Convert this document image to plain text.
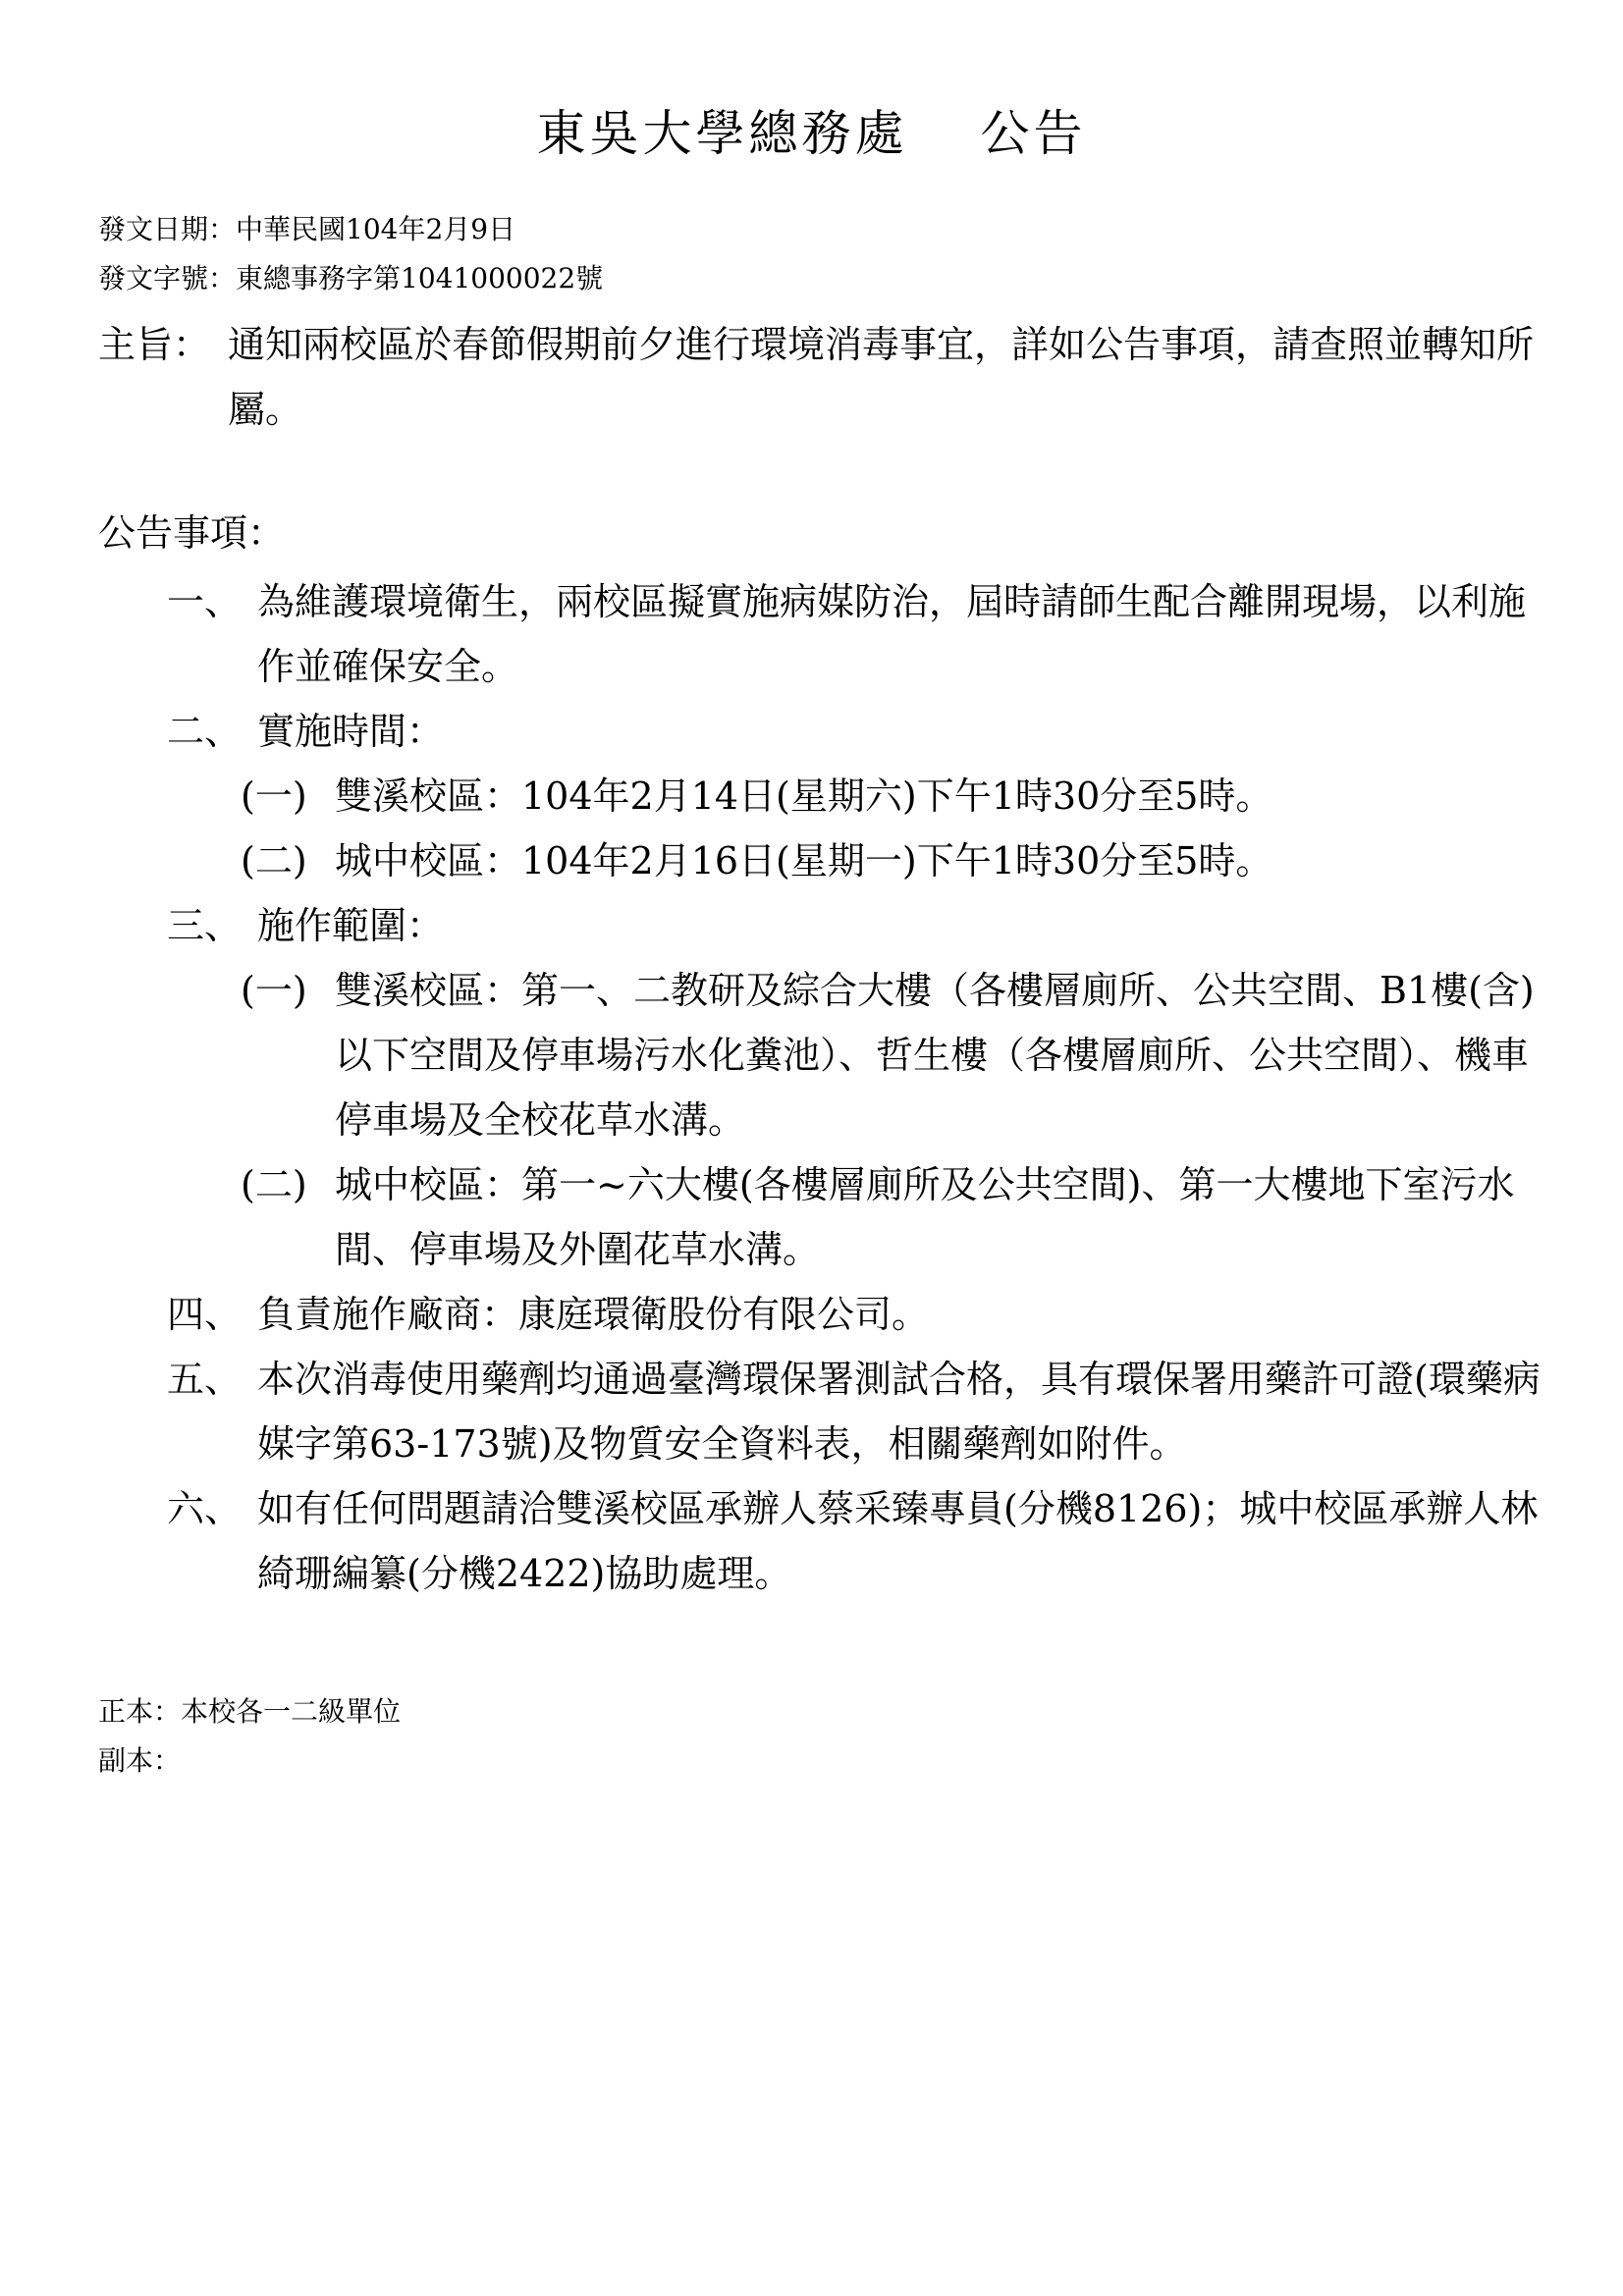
東吳大學總務處　 公告
發文日期：中華民國104年2月9日
發文字號：東總事務字第1041000022號
主旨： 通知兩校區於春節假期前夕進行環境消毒事宜，詳如公告事項，請查照並轉知所屬。
公告事項：
一、 為維護環境衛生，兩校區擬實施病媒防治，屆時請師生配合離開現場，以利施作並確保安全。
二、 實施時間：
(一) 雙溪校區：104年2月14日(星期六)下午1時30分至5時。
(二) 城中校區：104年2月16日(星期一)下午1時30分至5時。
三、 施作範圍：
(一) 雙溪校區：第一、二教研及綜合大樓（各樓層廁所、公共空間、B1樓(含)以下空間及停車場污水化糞池）、哲生樓（各樓層廁所、公共空間）、機車停車場及全校花草水溝。
(二) 城中校區：第一~六大樓(各樓層廁所及公共空間)、第一大樓地下室污水間、停車場及外圍花草水溝。
四、 負責施作廠商：康庭環衛股份有限公司。
五、 本次消毒使用藥劑均通過臺灣環保署測試合格，具有環保署用藥許可證(環藥病媒字第63-173號)及物質安全資料表，相關藥劑如附件。
六、 如有任何問題請洽雙溪校區承辦人蔡采臻專員(分機8126)；城中校區承辦人林綺珊編纂(分機2422)協助處理。
正本：本校各一二級單位
副本：
